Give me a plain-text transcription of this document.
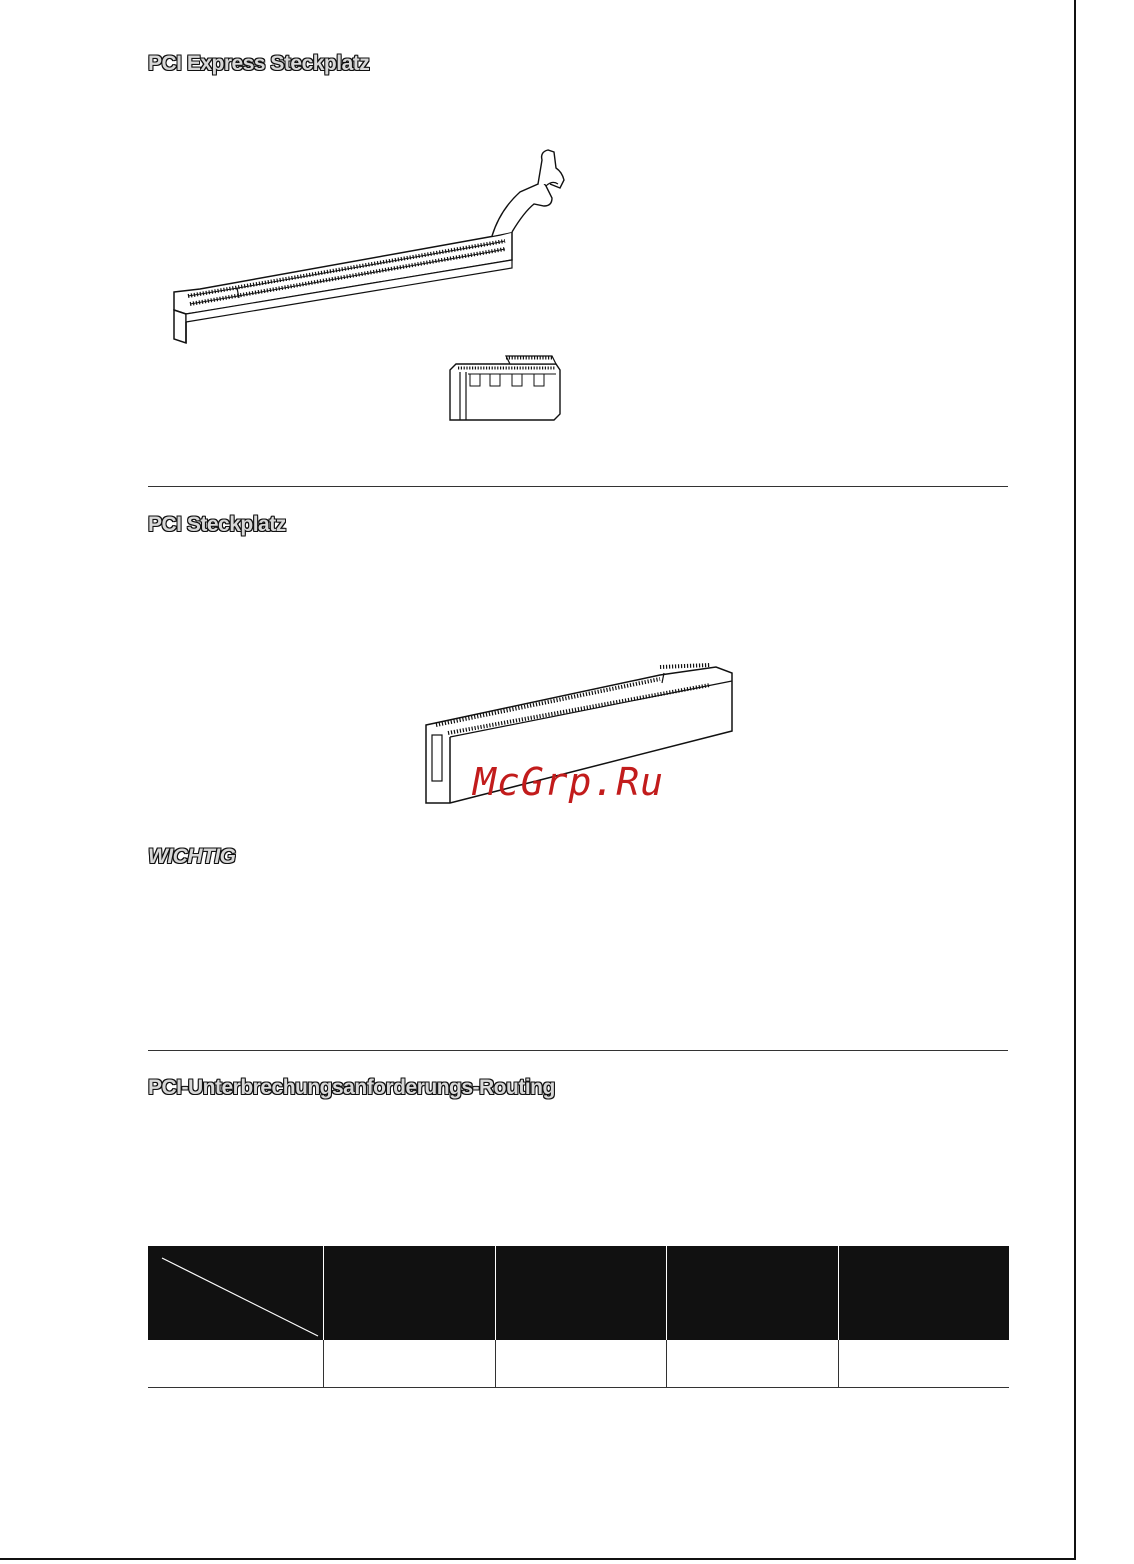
PCI Express Steckplatz
PCI Steckplatz
McGrp.Ru
WICHTIG
PCI-Unterbrechungsanforderungs-Routing
